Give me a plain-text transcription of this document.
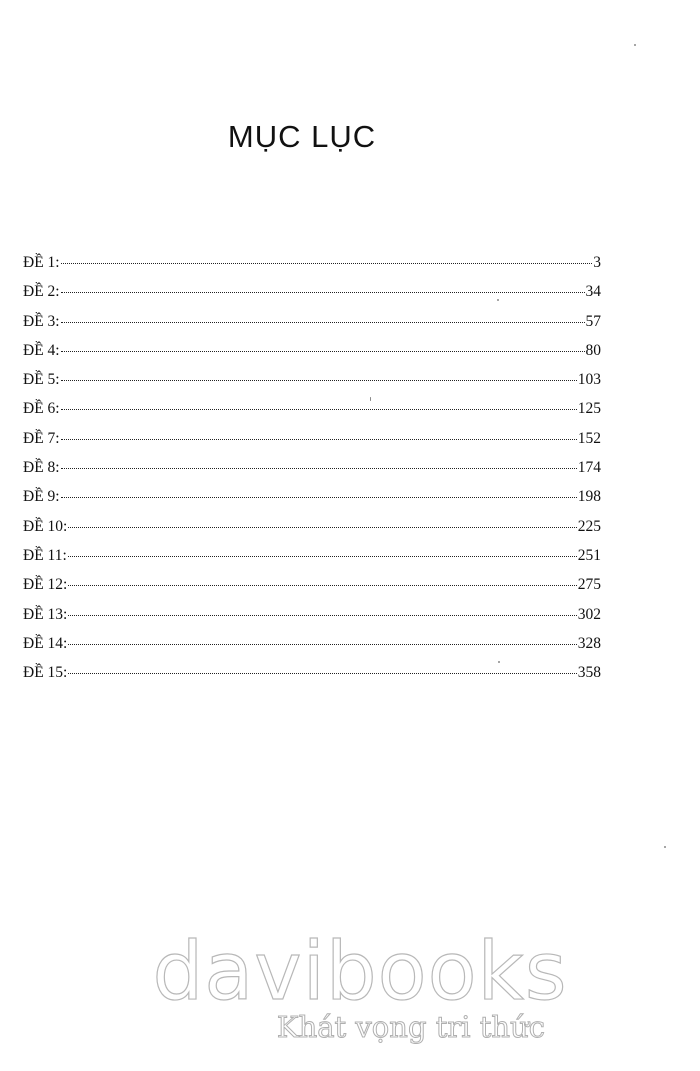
MỤC LỤC
ĐỀ 1:	3
ĐỀ 2:	34
ĐỀ 3:	57
ĐỀ 4:	80
ĐỀ 5:	103
ĐỀ 6:	125
ĐỀ 7:	152
ĐỀ 8:	174
ĐỀ 9:	198
ĐỀ 10:	225
ĐỀ 11:	251
ĐỀ 12:	275
ĐỀ 13:	302
ĐỀ 14:	328
ĐỀ 15:	358
davibooks
Khát vọng tri thức
